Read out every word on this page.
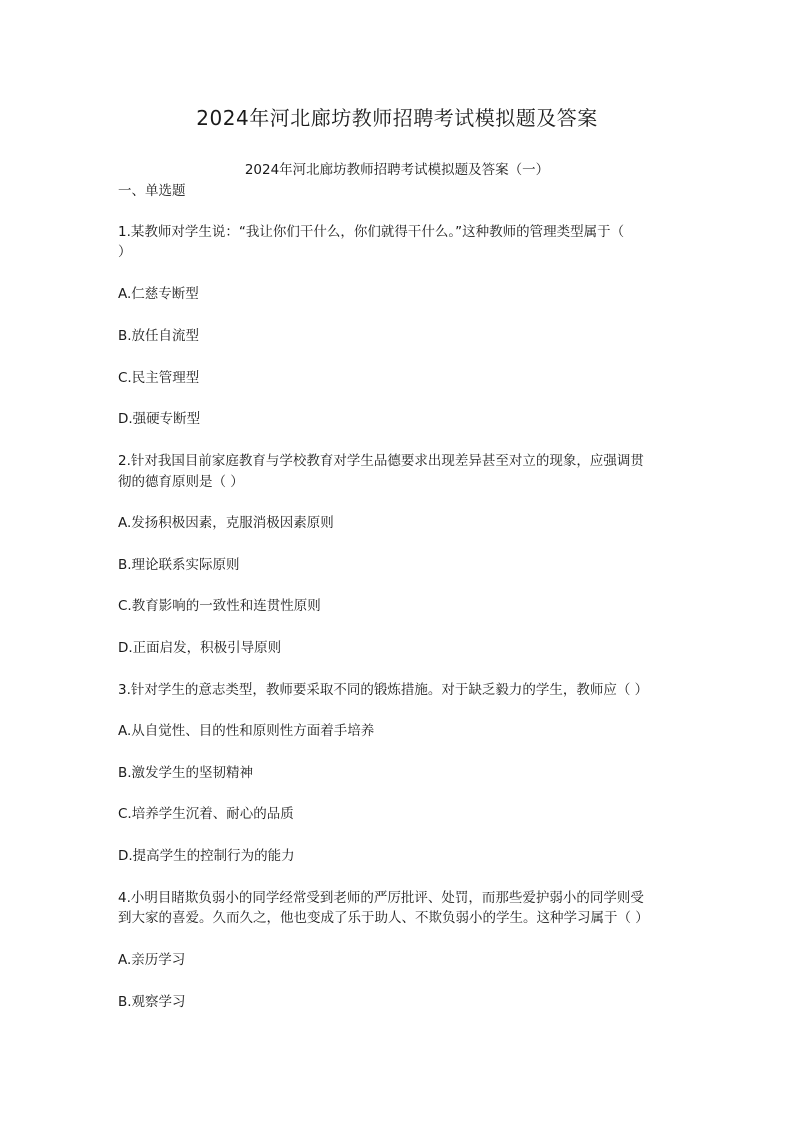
2024年河北廊坊教师招聘考试模拟题及答案
2024年河北廊坊教师招聘考试模拟题及答案（一）
一、单选题
1.某教师对学生说：“我让你们干什么，你们就得干什么。”这种教师的管理类型属于（
）
A.仁慈专断型
B.放任自流型
C.民主管理型
D.强硬专断型
2.针对我国目前家庭教育与学校教育对学生品德要求出现差异甚至对立的现象，应强调贯
彻的德育原则是（ ）
A.发扬积极因素，克服消极因素原则
B.理论联系实际原则
C.教育影响的一致性和连贯性原则
D.正面启发，积极引导原则
3.针对学生的意志类型，教师要采取不同的锻炼措施。对于缺乏毅力的学生，教师应（ ）
A.从自觉性、目的性和原则性方面着手培养
B.激发学生的坚韧精神
C.培养学生沉着、耐心的品质
D.提高学生的控制行为的能力
4.小明目睹欺负弱小的同学经常受到老师的严厉批评、处罚，而那些爱护弱小的同学则受
到大家的喜爱。久而久之，他也变成了乐于助人、不欺负弱小的学生。这种学习属于（ ）
A.亲历学习
B.观察学习
